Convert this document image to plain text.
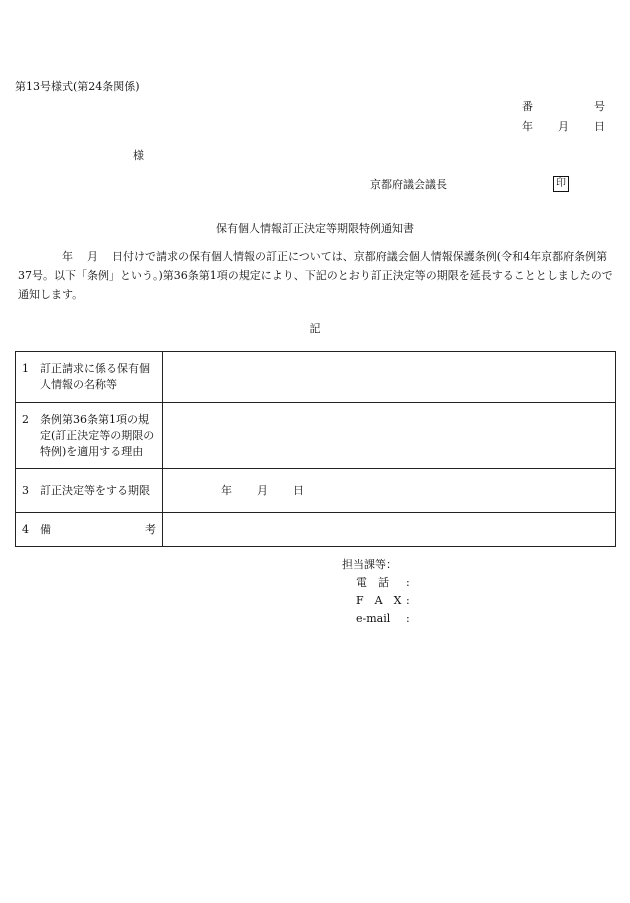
第13号様式(第24条関係)
番	号
年 月 日
様
京都府議会議長	印
保有個人情報訂正決定等期限特例通知書
年 月 日付けで請求の保有個人情報の訂正については、京都府議会個人情報保護条例(令和4年京都府条例第37号。以下「条例」という。)第36条第1項の規定により、下記のとおり訂正決定等の期限を延長することとしましたので通知します。
記
1 訂正請求に係る保有個人情報の名称等	

2 条例第36条第1項の規定(訂正決定等の期限の特例)を適用する理由	

3 訂正決定等をする期限	年 月 日

4 備 考	

担当課等：
電　話 :
F　A　X :
e-mail :
